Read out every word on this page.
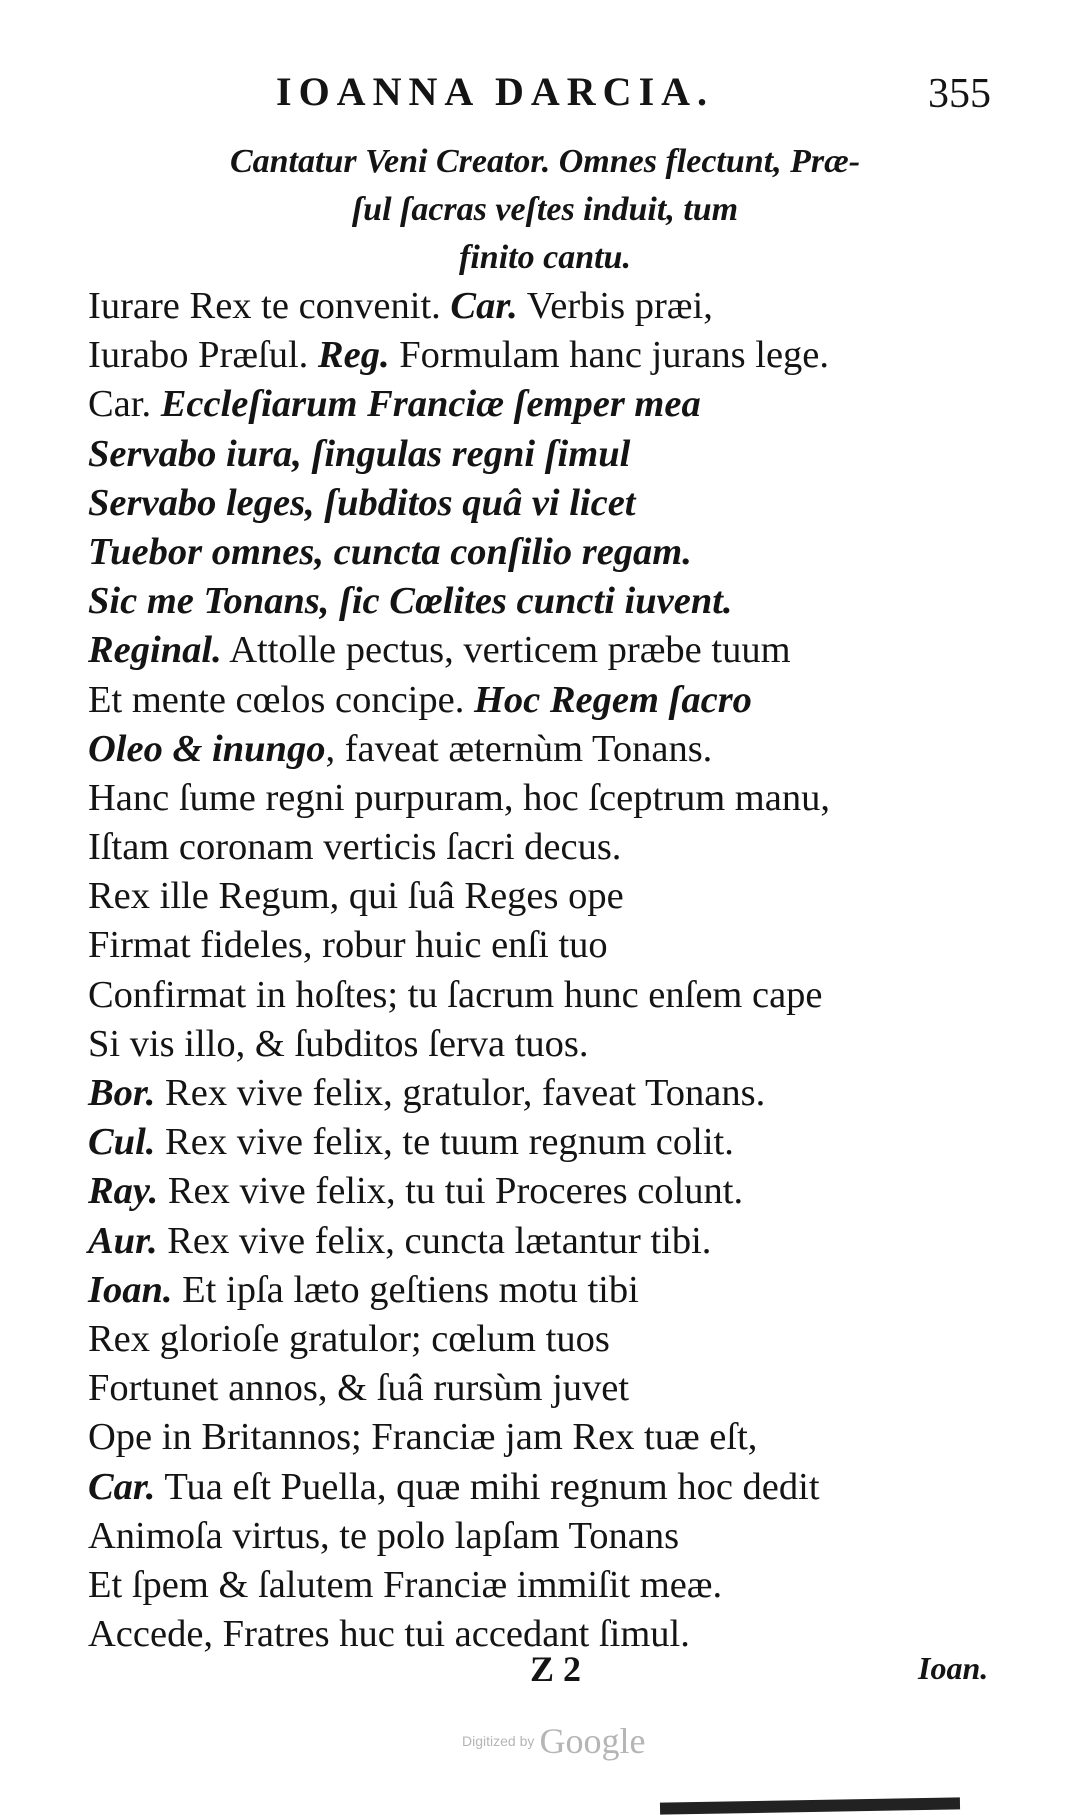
IOANNA DARCIA.	355
Cantatur Veni Creator. Omnes flectunt, Præ-
ſul ſacras veſtes induit, tum
finito cantu.
Iurare Rex te convenit. Car. Verbis præi,
Iurabo Præſul. Reg. Formulam hanc jurans lege.
Car. Eccleſiarum Franciæ ſemper mea
Servabo iura, ſingulas regni ſimul
Servabo leges, ſubditos quâ vi licet
Tuebor omnes, cuncta conſilio regam.
Sic me Tonans, ſic Cœlites cuncti iuvent.
Reginal. Attolle pectus, verticem præbe tuum
Et mente cœlos concipe. Hoc Regem ſacro
Oleo & inungo, faveat æternùm Tonans.
Hanc ſume regni purpuram, hoc ſceptrum manu,
Iſtam coronam verticis ſacri decus.
Rex ille Regum, qui ſuâ Reges ope
Firmat fideles, robur huic enſi tuo
Confirmat in hoſtes; tu ſacrum hunc enſem cape
Si vis illo, & ſubditos ſerva tuos.
Bor. Rex vive felix, gratulor, faveat Tonans.
Cul. Rex vive felix, te tuum regnum colit.
Ray. Rex vive felix, tu tui Proceres colunt.
Aur. Rex vive felix, cuncta lætantur tibi.
Ioan. Et ipſa læto geſtiens motu tibi
Rex glorioſe gratulor; cœlum tuos
Fortunet annos, & ſuâ rursùm juvet
Ope in Britannos; Franciæ jam Rex tuæ eſt,
Car. Tua eſt Puella, quæ mihi regnum hoc dedit
Animoſa virtus, te polo lapſam Tonans
Et ſpem & ſalutem Franciæ immiſit meæ.
Accede, Fratres huc tui accedant ſimul.
Z 2	Ioan.
Digitized by Google
